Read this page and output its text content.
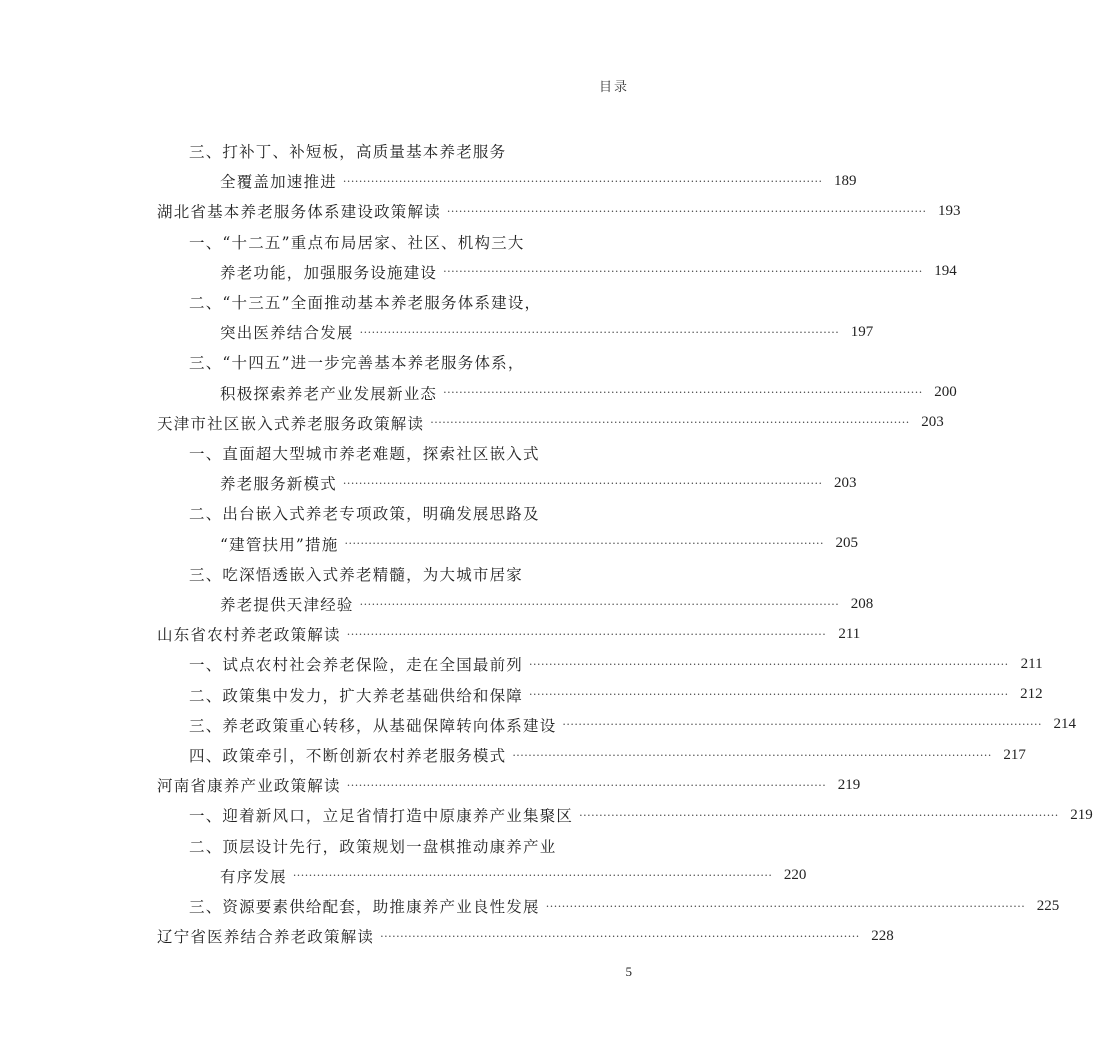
目录
三、打补丁、补短板，高质量基本养老服务
全覆盖加速推进 ························································································································ 189
湖北省基本养老服务体系建设政策解读 ························································································································ 193
一、“十二五”重点布局居家、社区、机构三大
养老功能，加强服务设施建设 ························································································································ 194
二、“十三五”全面推动基本养老服务体系建设，
突出医养结合发展 ························································································································ 197
三、“十四五”进一步完善基本养老服务体系，
积极探索养老产业发展新业态 ························································································································ 200
天津市社区嵌入式养老服务政策解读 ························································································································ 203
一、直面超大型城市养老难题，探索社区嵌入式
养老服务新模式 ························································································································ 203
二、出台嵌入式养老专项政策，明确发展思路及
“建管扶用”措施 ························································································································ 205
三、吃深悟透嵌入式养老精髓，为大城市居家
养老提供天津经验 ························································································································ 208
山东省农村养老政策解读 ························································································································ 211
一、试点农村社会养老保险，走在全国最前列 ························································································································ 211
二、政策集中发力，扩大养老基础供给和保障 ························································································································ 212
三、养老政策重心转移，从基础保障转向体系建设 ························································································································ 214
四、政策牵引，不断创新农村养老服务模式 ························································································································ 217
河南省康养产业政策解读 ························································································································ 219
一、迎着新风口，立足省情打造中原康养产业集聚区 ························································································································ 219
二、顶层设计先行，政策规划一盘棋推动康养产业
有序发展 ························································································································ 220
三、资源要素供给配套，助推康养产业良性发展 ························································································································ 225
辽宁省医养结合养老政策解读 ························································································································ 228
5
